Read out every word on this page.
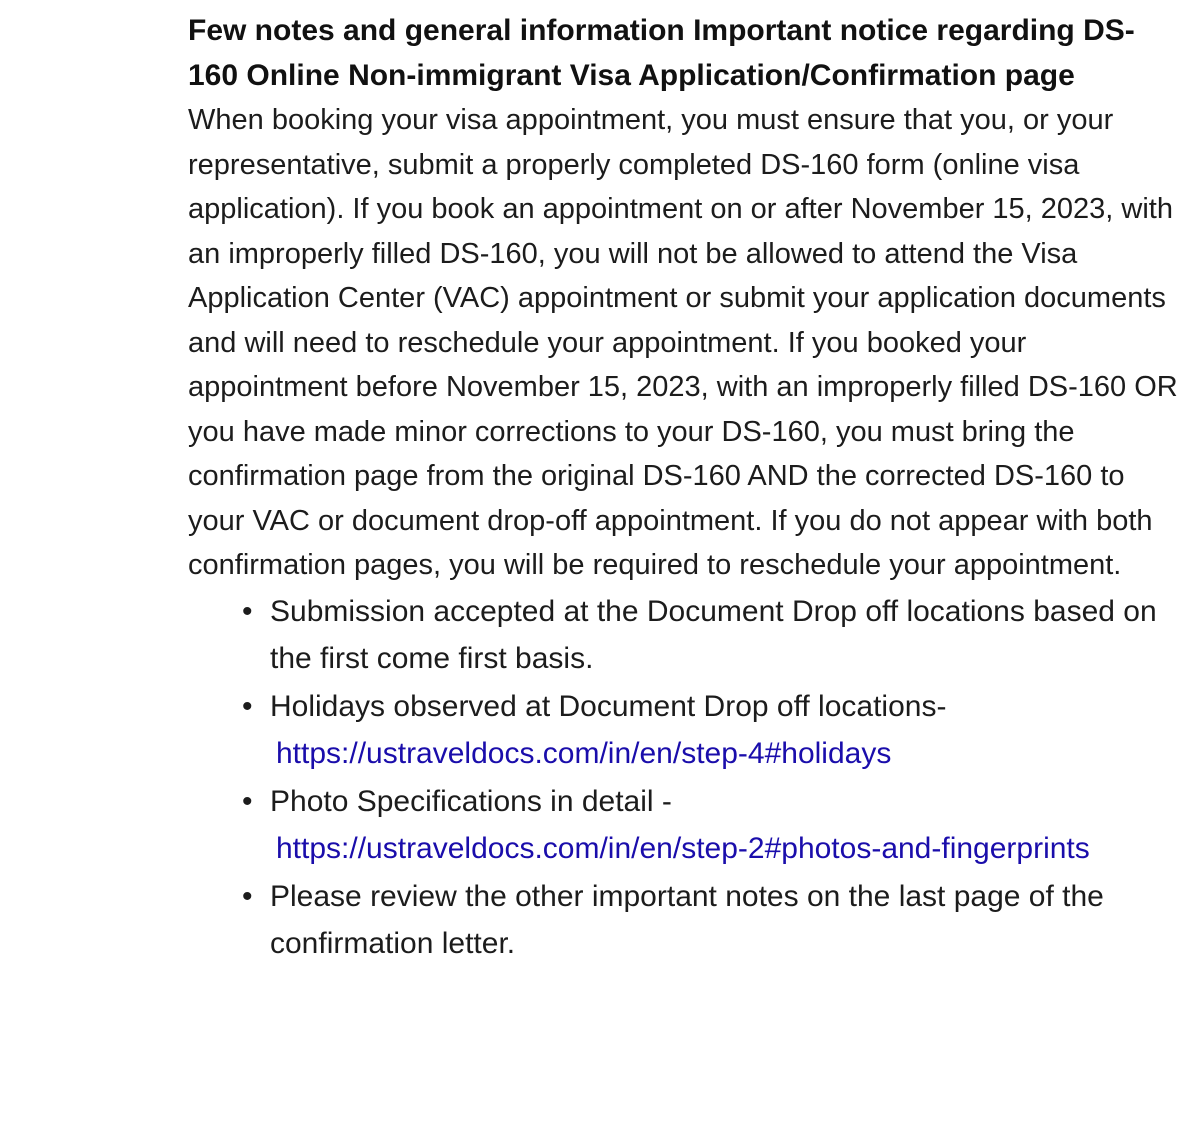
Few notes and general information Important notice regarding DS-160 Online Non-immigrant Visa Application/Confirmation page

When booking your visa appointment, you must ensure that you, or your representative, submit a properly completed DS-160 form (online visa application). If you book an appointment on or after November 15, 2023, with an improperly filled DS-160, you will not be allowed to attend the Visa Application Center (VAC) appointment or submit your application documents and will need to reschedule your appointment. If you booked your appointment before November 15, 2023, with an improperly filled DS-160 OR you have made minor corrections to your DS-160, you must bring the confirmation page from the original DS-160 AND the corrected DS-160 to your VAC or document drop-off appointment. If you do not appear with both confirmation pages, you will be required to reschedule your appointment.

• Submission accepted at the Document Drop off locations based on the first come first basis.
• Holidays observed at Document Drop off locations-
https://ustraveldocs.com/in/en/step-4#holidays
• Photo Specifications in detail -
https://ustraveldocs.com/in/en/step-2#photos-and-fingerprints
• Please review the other important notes on the last page of the confirmation letter.
